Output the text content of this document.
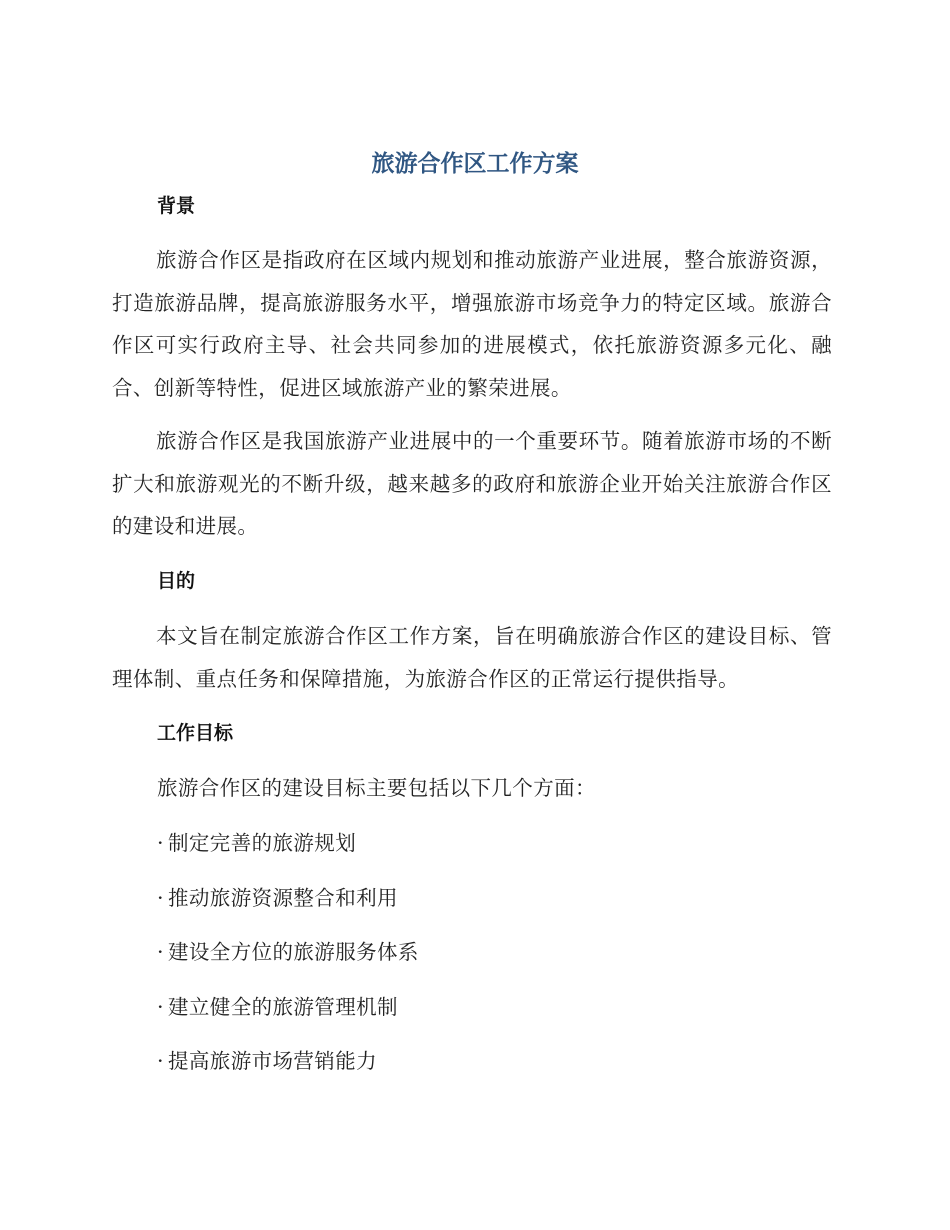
旅游合作区工作方案
背景
旅游合作区是指政府在区域内规划和推动旅游产业进展，整合旅游资源，打造旅游品牌，提高旅游服务水平，增强旅游市场竞争力的特定区域。旅游合作区可实行政府主导、社会共同参加的进展模式，依托旅游资源多元化、融合、创新等特性，促进区域旅游产业的繁荣进展。
旅游合作区是我国旅游产业进展中的一个重要环节。随着旅游市场的不断扩大和旅游观光的不断升级，越来越多的政府和旅游企业开始关注旅游合作区的建设和进展。
目的
本文旨在制定旅游合作区工作方案，旨在明确旅游合作区的建设目标、管理体制、重点任务和保障措施，为旅游合作区的正常运行提供指导。
工作目标
旅游合作区的建设目标主要包括以下几个方面：
· 制定完善的旅游规划
· 推动旅游资源整合和利用
· 建设全方位的旅游服务体系
· 建立健全的旅游管理机制
· 提高旅游市场营销能力
